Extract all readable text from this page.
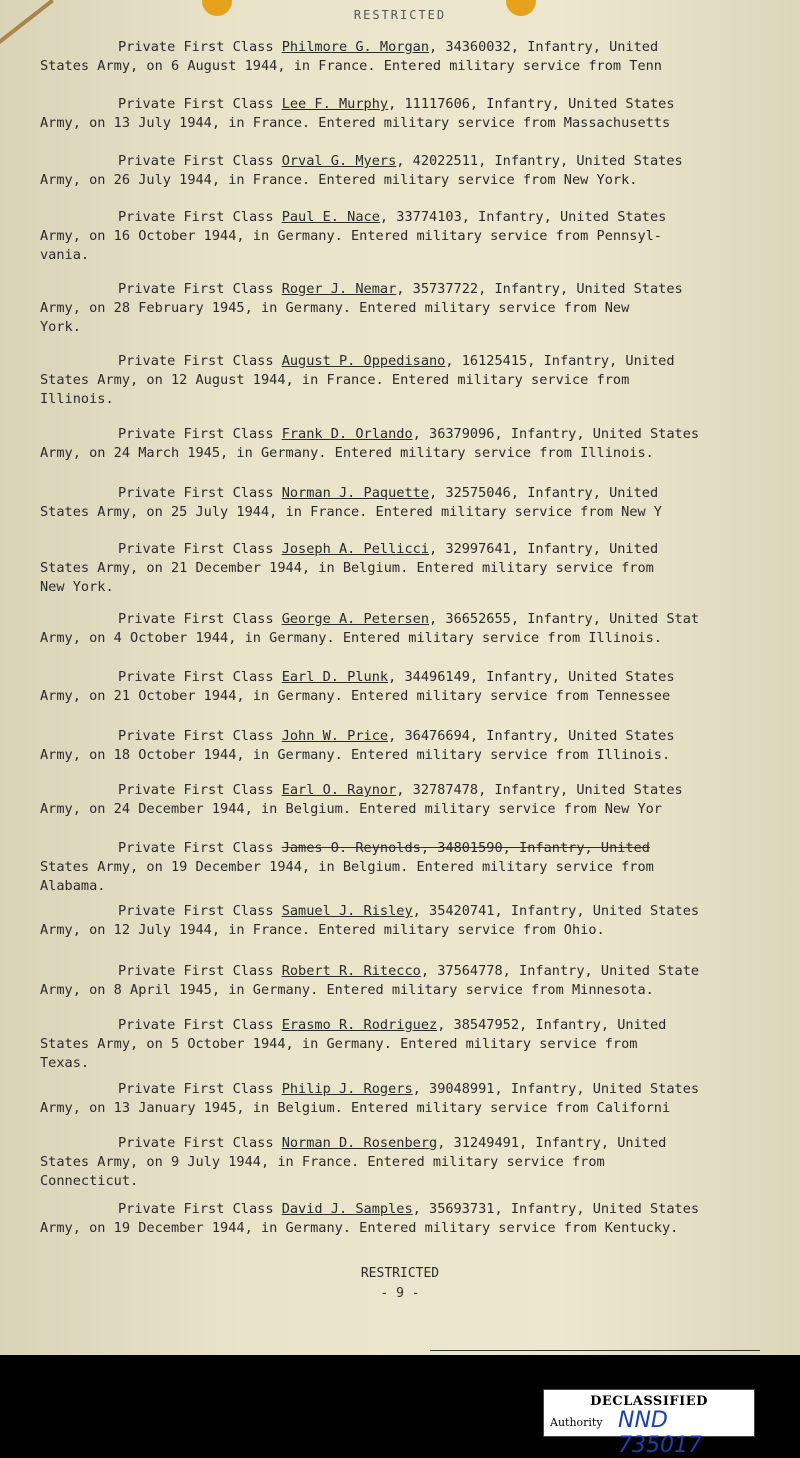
RESTRICTED

Private First Class Philmore G. Morgan, 34360032, Infantry, United

States Army, on 6 August 1944, in France. Entered military service from Tenn

Private First Class Lee F. Murphy, 11117606, Infantry, United States

Army, on 13 July 1944, in France. Entered military service from Massachusetts

Private First Class Orval G. Myers, 42022511, Infantry, United States

Army, on 26 July 1944, in France. Entered military service from New York.

Private First Class Paul E. Nace, 33774103, Infantry, United States

Army, on 16 October 1944, in Germany. Entered military service from Pennsyl-

vania.

Private First Class Roger J. Nemar, 35737722, Infantry, United States

Army, on 28 February 1945, in Germany. Entered military service from New

York.

Private First Class August P. Oppedisano, 16125415, Infantry, United

States Army, on 12 August 1944, in France. Entered military service from

Illinois.

Private First Class Frank D. Orlando, 36379096, Infantry, United States

Army, on 24 March 1945, in Germany. Entered military service from Illinois.

Private First Class Norman J. Paquette, 32575046, Infantry, United

States Army, on 25 July 1944, in France. Entered military service from New Y

Private First Class Joseph A. Pellicci, 32997641, Infantry, United

States Army, on 21 December 1944, in Belgium. Entered military service from

New York.

Private First Class George A. Petersen, 36652655, Infantry, United Stat

Army, on 4 October 1944, in Germany. Entered military service from Illinois.

Private First Class Earl D. Plunk, 34496149, Infantry, United States

Army, on 21 October 1944, in Germany. Entered military service from Tennessee

Private First Class John W. Price, 36476694, Infantry, United States

Army, on 18 October 1944, in Germany. Entered military service from Illinois.

Private First Class Earl O. Raynor, 32787478, Infantry, United States

Army, on 24 December 1944, in Belgium. Entered military service from New Yor

Private First Class James O. Reynolds, 34801590, Infantry, United

States Army, on 19 December 1944, in Belgium. Entered military service from

Alabama.

Private First Class Samuel J. Risley, 35420741, Infantry, United States

Army, on 12 July 1944, in France. Entered military service from Ohio.

Private First Class Robert R. Ritecco, 37564778, Infantry, United State

Army, on 8 April 1945, in Germany. Entered military service from Minnesota.

Private First Class Erasmo R. Rodriguez, 38547952, Infantry, United

States Army, on 5 October 1944, in Germany. Entered military service from

Texas.

Private First Class Philip J. Rogers, 39048991, Infantry, United States

Army, on 13 January 1945, in Belgium. Entered military service from Californi

Private First Class Norman D. Rosenberg, 31249491, Infantry, United

States Army, on 9 July 1944, in France. Entered military service from

Connecticut.

Private First Class David J. Samples, 35693731, Infantry, United States

Army, on 19 December 1944, in Germany. Entered military service from Kentucky.

RESTRICTED
- 9 -
DECLASSIFIED
Authority NND 735017
